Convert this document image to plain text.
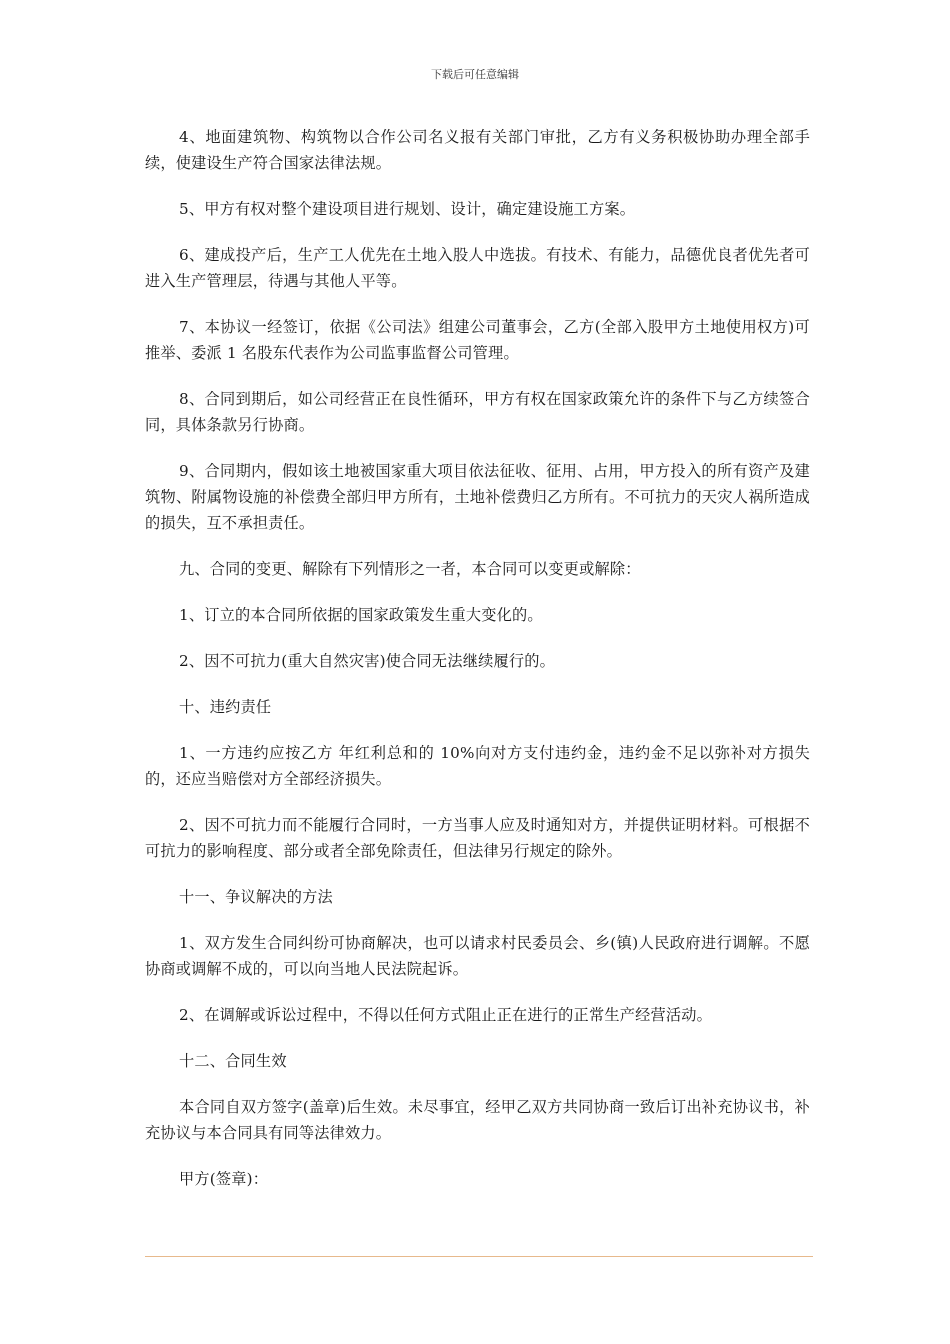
下载后可任意编辑

4、地面建筑物、构筑物以合作公司名义报有关部门审批，乙方有义务积极协助办理全部手续，使建设生产符合国家法律法规。

5、甲方有权对整个建设项目进行规划、设计，确定建设施工方案。

6、建成投产后，生产工人优先在土地入股人中选拔。有技术、有能力，品德优良者优先者可进入生产管理层，待遇与其他人平等。

7、本协议一经签订，依据《公司法》组建公司董事会，乙方(全部入股甲方土地使用权方)可推举、委派 1 名股东代表作为公司监事监督公司管理。

8、合同到期后，如公司经营正在良性循环，甲方有权在国家政策允许的条件下与乙方续签合同，具体条款另行协商。

9、合同期内，假如该土地被国家重大项目依法征收、征用、占用，甲方投入的所有资产及建筑物、附属物设施的补偿费全部归甲方所有，土地补偿费归乙方所有。不可抗力的天灾人祸所造成的损失，互不承担责任。

九、合同的变更、解除有下列情形之一者，本合同可以变更或解除：

1、订立的本合同所依据的国家政策发生重大变化的。

2、因不可抗力(重大自然灾害)使合同无法继续履行的。

十、违约责任

1、一方违约应按乙方 年红利总和的 10%向对方支付违约金，违约金不足以弥补对方损失的，还应当赔偿对方全部经济损失。

2、因不可抗力而不能履行合同时，一方当事人应及时通知对方，并提供证明材料。可根据不可抗力的影响程度、部分或者全部免除责任，但法律另行规定的除外。

十一、争议解决的方法

1、双方发生合同纠纷可协商解决，也可以请求村民委员会、乡(镇)人民政府进行调解。不愿协商或调解不成的，可以向当地人民法院起诉。

2、在调解或诉讼过程中，不得以任何方式阻止正在进行的正常生产经营活动。

十二、合同生效

本合同自双方签字(盖章)后生效。未尽事宜，经甲乙双方共同协商一致后订出补充协议书，补充协议与本合同具有同等法律效力。

甲方(签章)：
